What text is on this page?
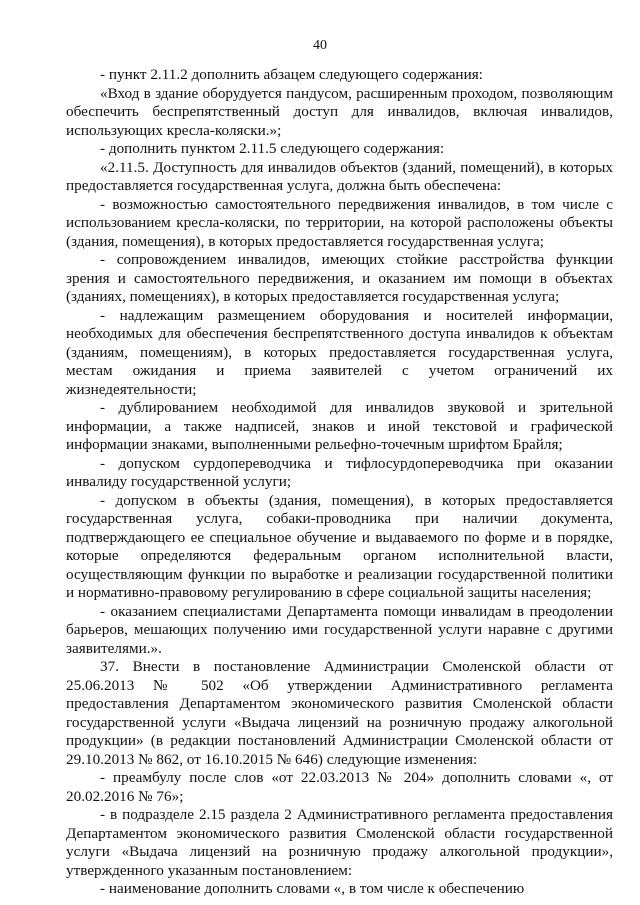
40

- пункт 2.11.2 дополнить абзацем следующего содержания:

«Вход в здание оборудуется пандусом, расширенным проходом, позволяющим обеспечить беспрепятственный доступ для инвалидов, включая инвалидов, использующих кресла-коляски.»;

- дополнить пунктом 2.11.5 следующего содержания:

«2.11.5. Доступность для инвалидов объектов (зданий, помещений), в которых предоставляется государственная услуга, должна быть обеспечена:

- возможностью самостоятельного передвижения инвалидов, в том числе с использованием кресла-коляски, по территории, на которой расположены объекты (здания, помещения), в которых предоставляется государственная услуга;

- сопровождением инвалидов, имеющих стойкие расстройства функции зрения и самостоятельного передвижения, и оказанием им помощи в объектах (зданиях, помещениях), в которых предоставляется государственная услуга;

- надлежащим размещением оборудования и носителей информации, необходимых для обеспечения беспрепятственного доступа инвалидов к объектам (зданиям, помещениям), в которых предоставляется государственная услуга, местам ожидания и приема заявителей с учетом ограничений их жизнедеятельности;

- дублированием необходимой для инвалидов звуковой и зрительной информации, а также надписей, знаков и иной текстовой и графической информации знаками, выполненными рельефно-точечным шрифтом Брайля;

- допуском сурдопереводчика и тифлосурдопереводчика при оказании инвалиду государственной услуги;

- допуском в объекты (здания, помещения), в которых предоставляется государственная услуга, собаки-проводника при наличии документа, подтверждающего ее специальное обучение и выдаваемого по форме и в порядке, которые определяются федеральным органом исполнительной власти, осуществляющим функции по выработке и реализации государственной политики и нормативно-правовому регулированию в сфере социальной защиты населения;

- оказанием специалистами Департамента помощи инвалидам в преодолении барьеров, мешающих получению ими государственной услуги наравне с другими заявителями.».

37. Внести в постановление Администрации Смоленской области от 25.06.2013 № 502 «Об утверждении Административного регламента предоставления Департаментом экономического развития Смоленской области государственной услуги «Выдача лицензий на розничную продажу алкогольной продукции» (в редакции постановлений Администрации Смоленской области от 29.10.2013 № 862, от 16.10.2015 № 646) следующие изменения:

- преамбулу после слов «от 22.03.2013 № 204» дополнить словами «, от 20.02.2016 № 76»;

- в подразделе 2.15 раздела 2 Административного регламента предоставления Департаментом экономического развития Смоленской области государственной услуги «Выдача лицензий на розничную продажу алкогольной продукции», утвержденного указанным постановлением:

- наименование дополнить словами «, в том числе к обеспечению
